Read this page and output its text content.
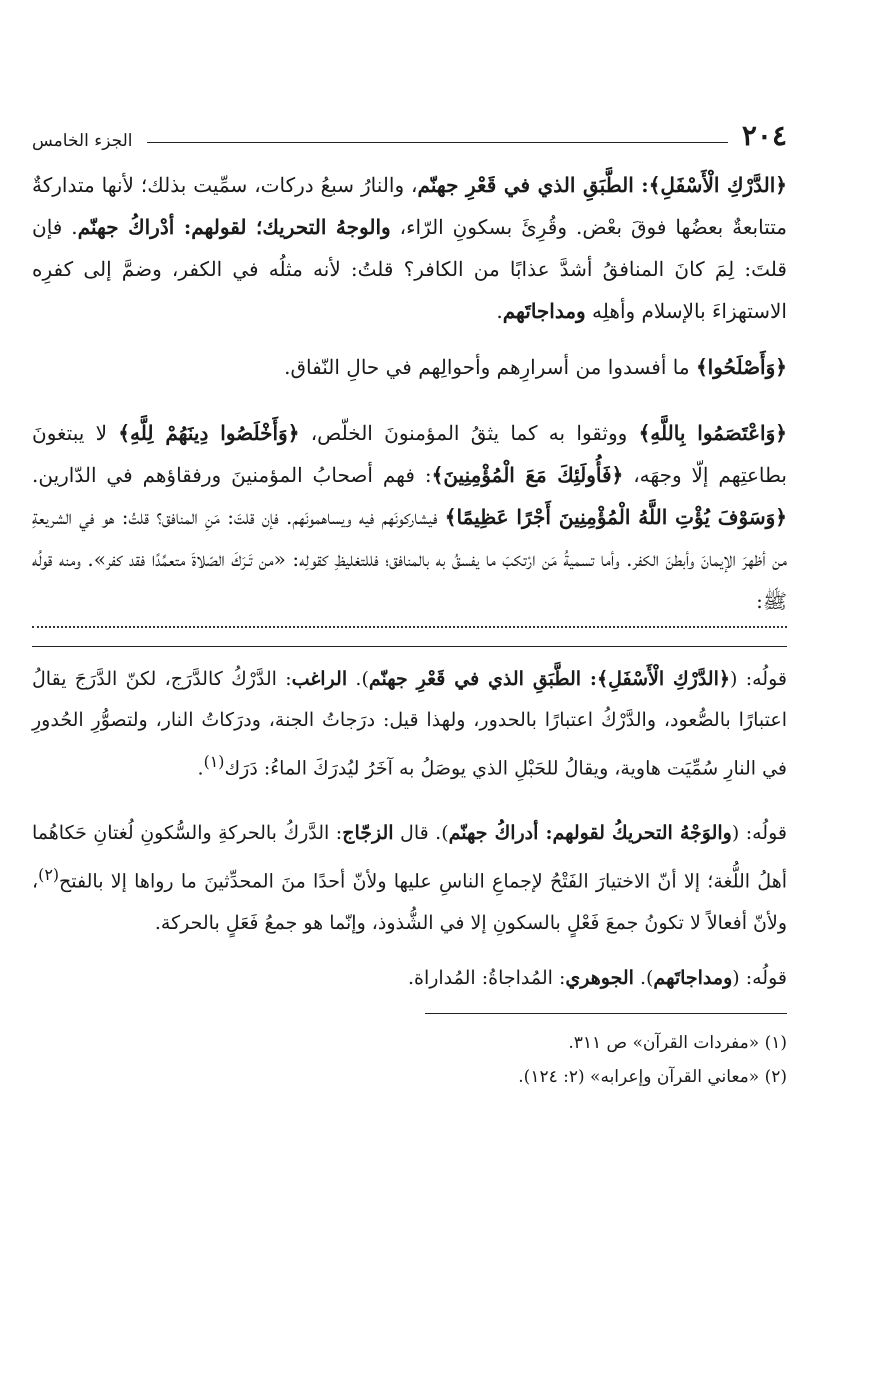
٢٠٤
الجزء الخامس

﴿الدَّرْكِ الْأَسْفَلِ﴾: الطَّبَقِ الذي في قَعْرِ جهنّم، والنارُ سبعُ دركات، سمِّيت بذلك؛ لأنها متداركةٌ متتابعةٌ بعضُها فوقَ بعْض. وقُرِئَ بسكونِ الرّاء، والوجهُ التحريك؛ لقولهم: أدْراكُ جهنّم. فإن قلتَ: لِمَ كانَ المنافقُ أشدَّ عذابًا من الكافر؟ قلتُ: لأنه مثلُه في الكفر، وضمَّ إلى كفرِه الاستهزاءَ بالإسلام وأهلِه ومداجاتَهم.

﴿وَأَصْلَحُوا﴾ ما أفسدوا من أسرارِهم وأحوالِهم في حالِ النّفاق.

﴿وَاعْتَصَمُوا بِاللَّهِ﴾ ووثقوا به كما يثقُ المؤمنونَ الخلّص، ﴿وَأَخْلَصُوا دِينَهُمْ لِلَّهِ﴾ لا يبتغونَ بطاعتِهم إلّا وجهَه، ﴿فَأُولَئِكَ مَعَ الْمُؤْمِنِينَ﴾: فهم أصحابُ المؤمنينَ ورفقاؤهم في الدّارين. ﴿وَسَوْفَ يُؤْتِ اللَّهُ الْمُؤْمِنِينَ أَجْرًا عَظِيمًا﴾ فيشاركونَهم فيه ويساهمونَهم. فإن قلتَ: مَنِ المنافق؟ قلتُ: هو في الشريعةِ من أظهرَ الإيمانَ وأبطنَ الكفر. وأما تسميةُ مَن ارْتكبَ ما يفسقُ به بالمنافق؛ فللتغليظِ كقولِه: «من تَـرَكَ الصّلاةَ متعمِّدًا فقد كفر». ومنه قولُه ﷺ:

قولُه: (﴿الدَّرْكِ الْأَسْفَلِ﴾: الطَّبَقِ الذي في قَعْرِ جهنّم). الراغب: الدَّرْكُ كالدَّرَج، لكنّ الدَّرَجَ يقالُ اعتبارًا بالصُّعود، والدَّرْكُ اعتبارًا بالحدور، ولهذا قيل: درَجاتُ الجنة، ودرَكاتُ النار، ولتصوُّرِ الحُدورِ في النارِ سُمِّيَت هاوية، ويقالُ للحَبْلِ الذي يوصَلُ به آخَرُ ليُدرَكَ الماءُ: دَرَك$^{(١)}$.

قولُه: (والوَجْهُ التحريكُ لقولهم: أدراكُ جهنّم). قال الزجّاج: الدَّركُ بالحركةِ والسُّكونِ لُغتانِ حَكاهُما أهلُ اللُّغة؛ إلا أنّ الاختيارَ الفَتْحُ لإجماعِ الناسِ عليها ولأنّ أحدًا منَ المحدِّثينَ ما رواها إلا بالفتح$^{(٢)}$، ولأنّ أفعالاً لا تكونُ جمعَ فَعْلٍ بالسكونِ إلا في الشُّذوذ، وإنّما هو جمعُ فَعَلٍ بالحركة.

قولُه: (ومداجاتَهم). الجوهري: المُداجاةُ: المُداراة.

(١) «مفردات القرآن» ص ٣١١.

(٢) «معاني القرآن وإعرابه» (٢: ١٢٤).
